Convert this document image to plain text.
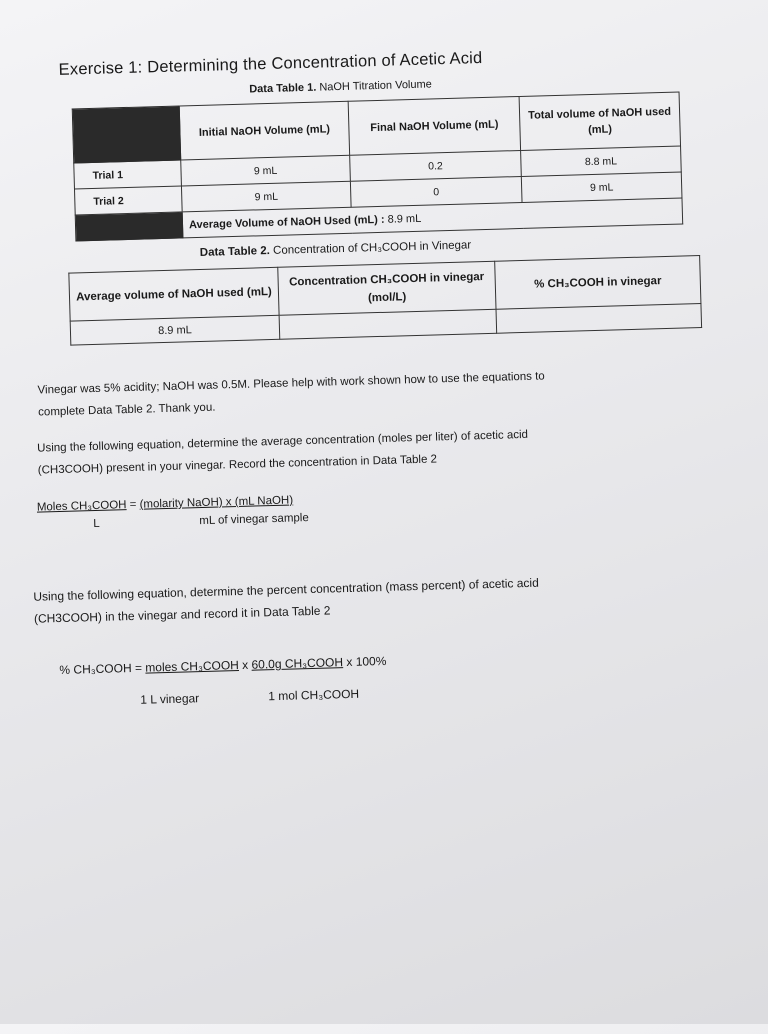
Exercise 1: Determining the Concentration of Acetic Acid
Data Table 1. NaOH Titration Volume
	Initial NaOH Volume (mL)	Final NaOH Volume (mL)	Total volume of NaOH used (mL)
Trial 1	9 mL	0.2	8.8 mL
Trial 2	9 mL	0	9 mL
	Average Volume of NaOH Used (mL) : 8.9 mL		
Data Table 2. Concentration of CH₃COOH in Vinegar
Average volume of NaOH used (mL)	Concentration CH₃COOH in vinegar (mol/L)	% CH₃COOH in vinegar
8.9 mL		
Vinegar was 5% acidity; NaOH was 0.5M. Please help with work shown how to use the equations to
complete Data Table 2. Thank you.
Using the following equation, determine the average concentration (moles per liter) of acetic acid
(CH3COOH) present in your vinegar. Record the concentration in Data Table 2
Moles CH₃COOH = (molarity NaOH) x (mL NaOH)
L	mL of vinegar sample
Using the following equation, determine the percent concentration (mass percent) of acetic acid
(CH3COOH) in the vinegar and record it in Data Table 2

% CH₃COOH = moles CH₃COOH x 60.0g CH₃COOH x 100%

1 L vinegar	1 mol CH₃COOH
